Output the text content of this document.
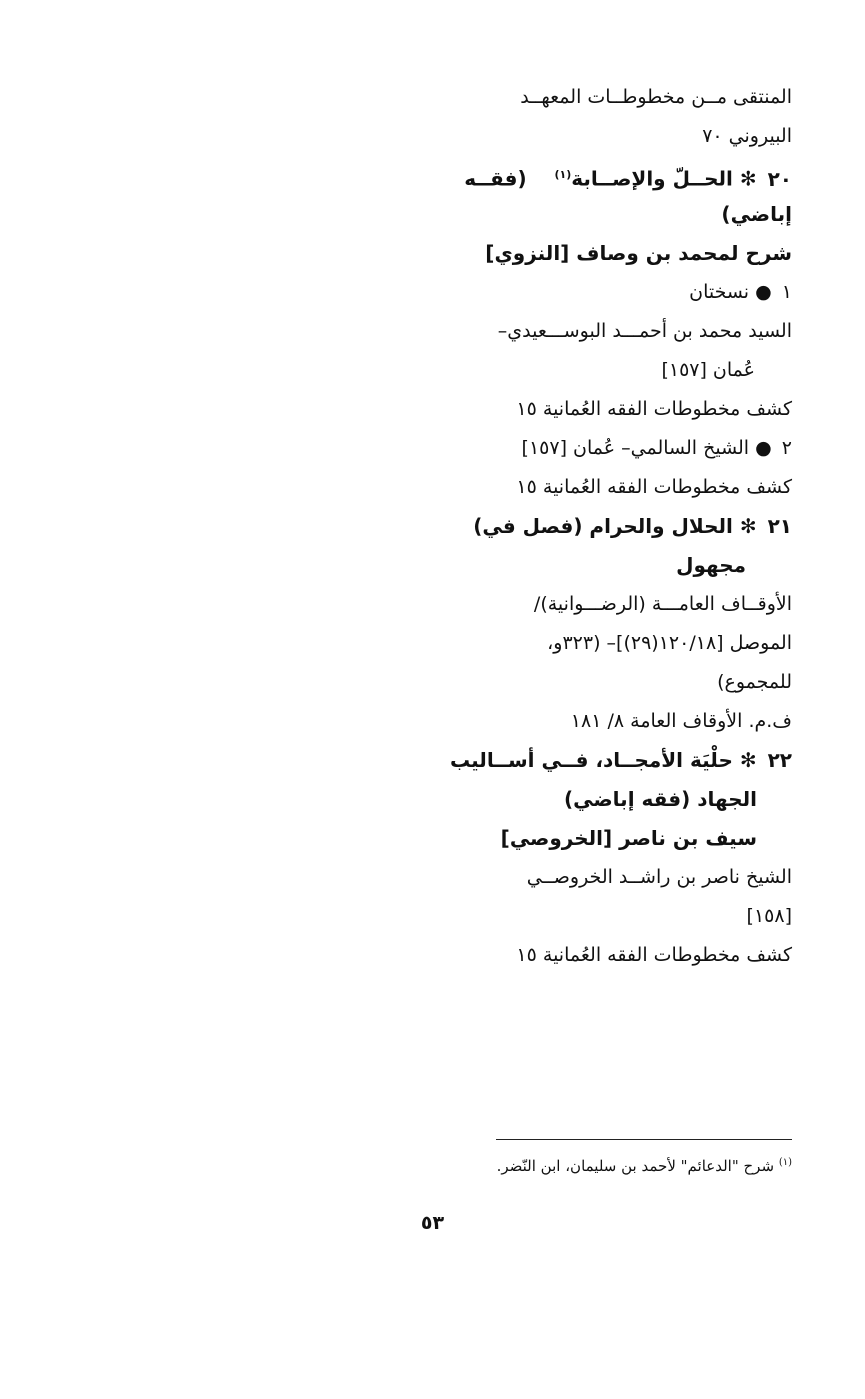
المنتقى مــن مخطوطــات المعهــد
البيروني ٧٠
٢٠ ✻ الحــلّ والإصــابة$^{(١)}$    (فقــه
إباضي)
شرح لمحمد بن وصاف [النزوي]
١ ● نسختان
السيد محمد بن أحمـــد البوســـعيدي–
عُمان [١٥٧]
كشف مخطوطات الفقه العُمانية ١٥
٢ ● الشيخ السالمي– عُمان [١٥٧]
كشف مخطوطات الفقه العُمانية ١٥
٢١ ✻ الحلال والحرام (فصل في)
مجهول
الأوقــاف العامـــة (الرضـــوانية)/
الموصل [١٢٠/١٨(٢٩)]– (٣٢٣و،
للمجموع)
ف.م. الأوقاف العامة ٨/ ١٨١
٢٢ ✻ حلْيَة الأمجــاد، فــي أســاليب
الجهاد (فقه إباضي)
سيف بن ناصر [الخروصي]
الشيخ ناصر بن راشــد الخروصــي
[١٥٨]
كشف مخطوطات الفقه العُمانية ١٥
$^{(١)}$ شرح "الدعائم" لأحمد بن سليمان، ابن النّضر.
٥٣
